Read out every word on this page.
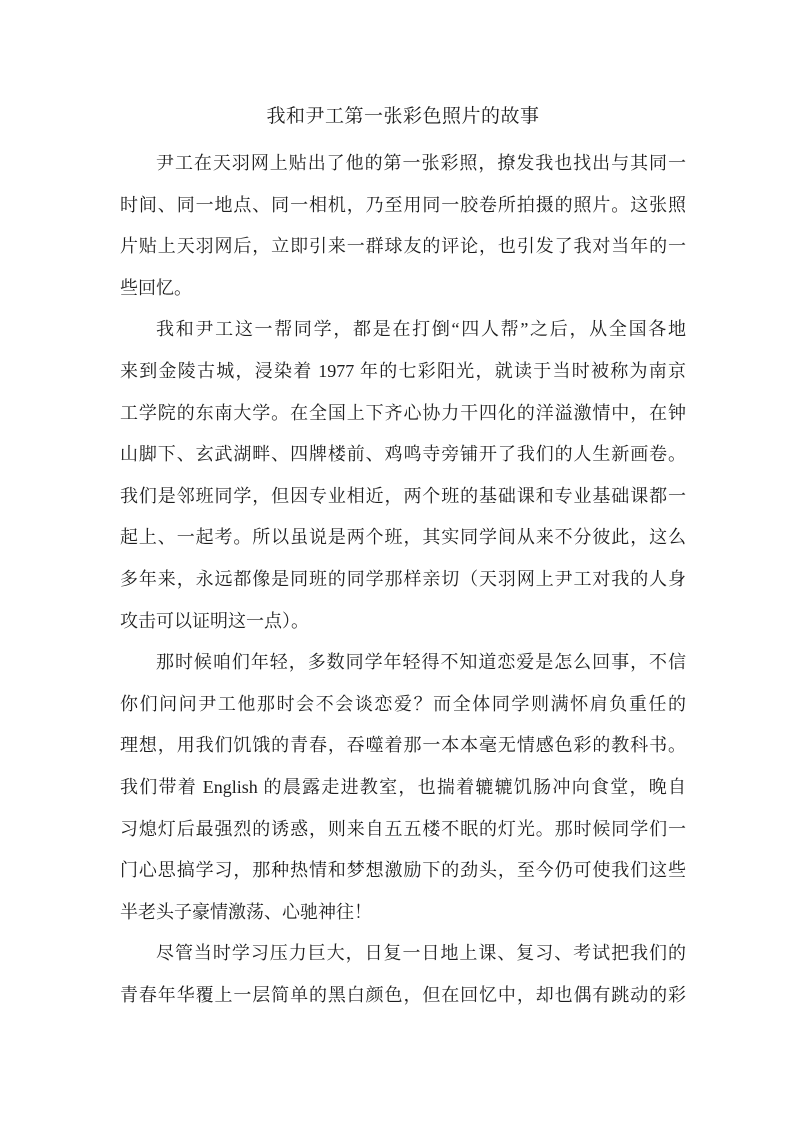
我和尹工第一张彩色照片的故事
尹工在天羽网上贴出了他的第一张彩照，撩发我也找出与其同一
时间、同一地点、同一相机，乃至用同一胶卷所拍摄的照片。这张照
片贴上天羽网后，立即引来一群球友的评论，也引发了我对当年的一
些回忆。
我和尹工这一帮同学，都是在打倒“四人帮”之后，从全国各地
来到金陵古城，浸染着 1977 年的七彩阳光，就读于当时被称为南京
工学院的东南大学。在全国上下齐心协力干四化的洋溢激情中，在钟
山脚下、玄武湖畔、四牌楼前、鸡鸣寺旁铺开了我们的人生新画卷。
我们是邻班同学，但因专业相近，两个班的基础课和专业基础课都一
起上、一起考。所以虽说是两个班，其实同学间从来不分彼此，这么
多年来，永远都像是同班的同学那样亲切（天羽网上尹工对我的人身
攻击可以证明这一点）。
那时候咱们年轻，多数同学年轻得不知道恋爱是怎么回事，不信
你们问问尹工他那时会不会谈恋爱？而全体同学则满怀肩负重任的
理想，用我们饥饿的青春，吞噬着那一本本毫无情感色彩的教科书。
我们带着 English 的晨露走进教室，也揣着辘辘饥肠冲向食堂，晚自
习熄灯后最强烈的诱惑，则来自五五楼不眠的灯光。那时候同学们一
门心思搞学习，那种热情和梦想激励下的劲头，至今仍可使我们这些
半老头子豪情激荡、心驰神往！
尽管当时学习压力巨大，日复一日地上课、复习、考试把我们的
青春年华覆上一层简单的黑白颜色，但在回忆中，却也偶有跳动的彩
